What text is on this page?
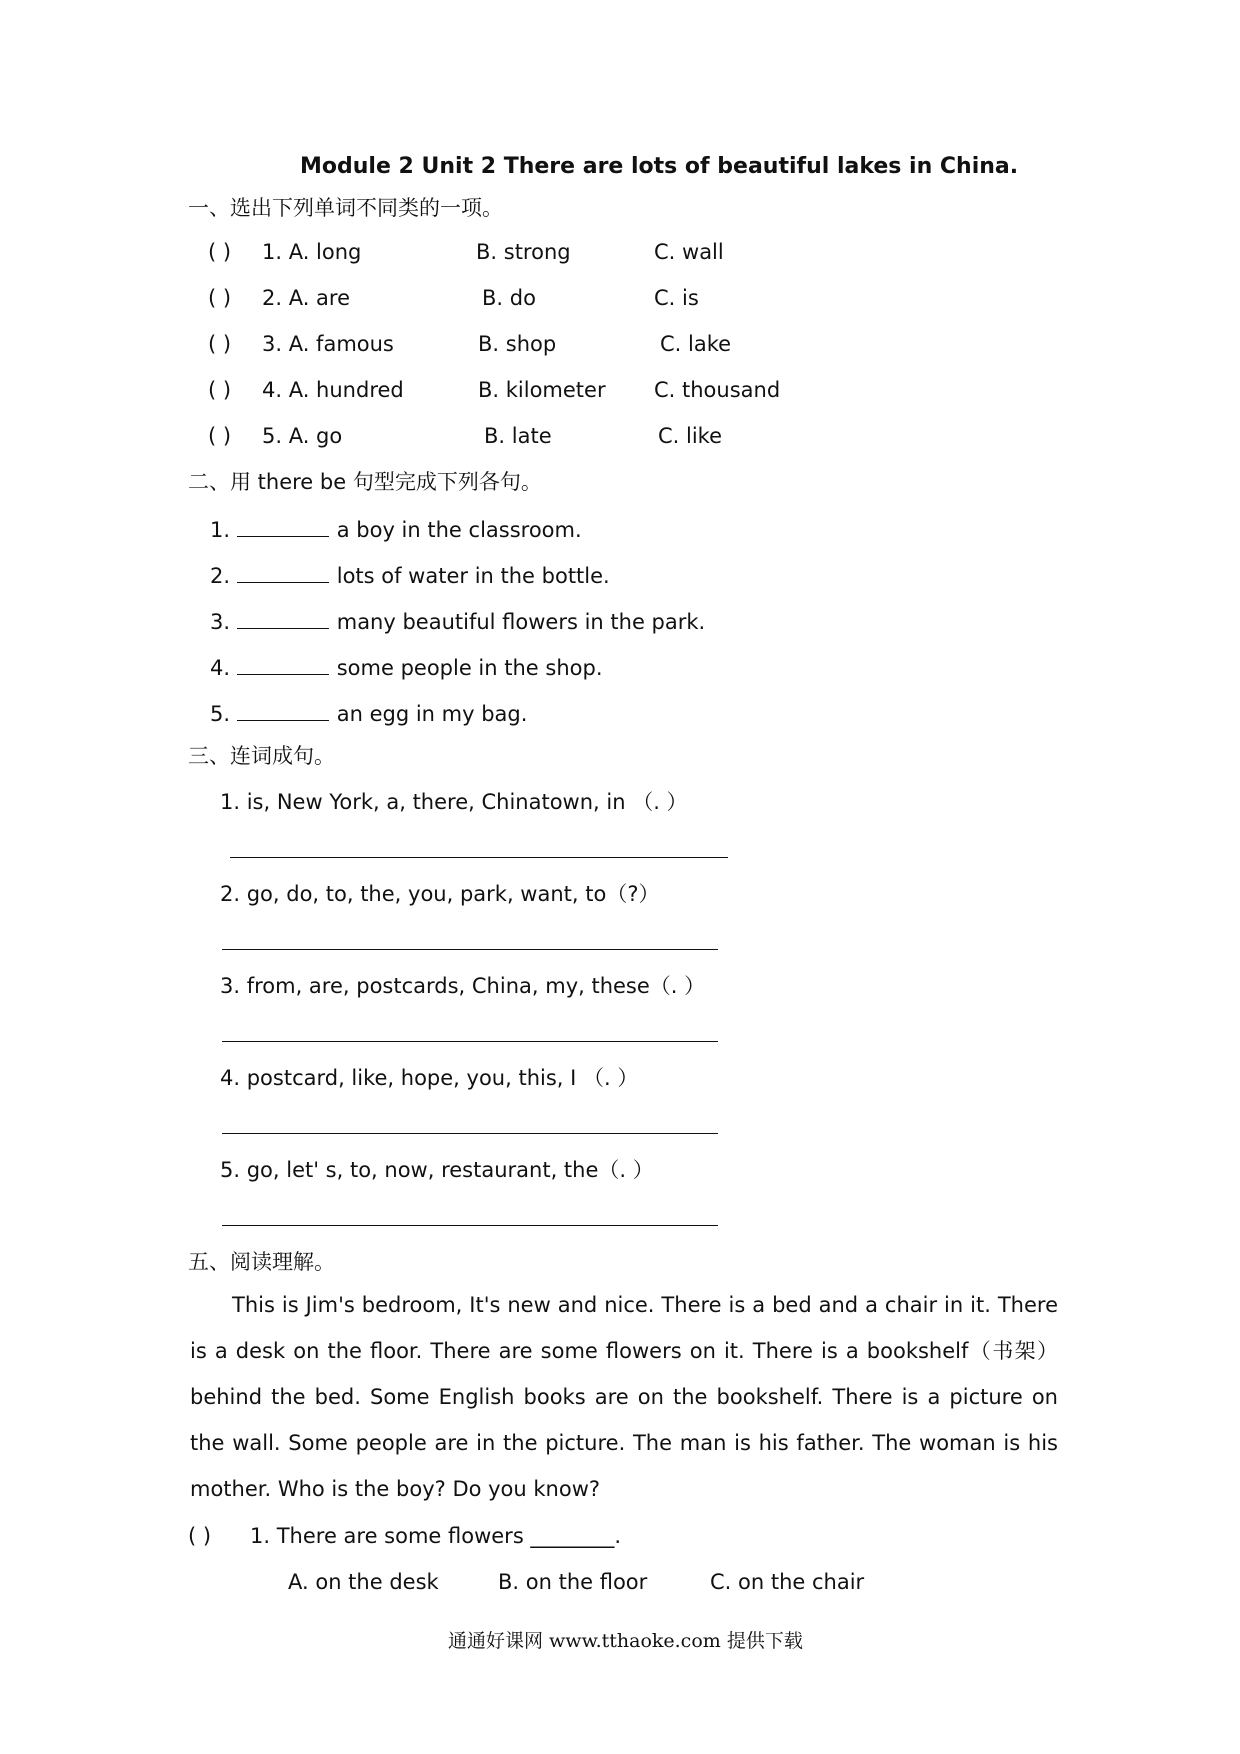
Module 2 Unit 2 There are lots of beautiful lakes in China.
一、选出下列单词不同类的一项。
( ) 1. A. long	B. strong	C. wall
( ) 2. A. are	B. do	C. is
( ) 3. A. famous	B. shop	C. lake
( ) 4. A. hundred	B. kilometer C. thousand
( ) 5. A. go	B. late	C. like
二、用 there be 句型完成下列各句。
1.	a boy in the classroom.
2.	lots of water in the bottle.
3.	many beautiful flowers in the park.
4.	some people in the shop.
5.	an egg in my bag.
三、连词成句。
1. is, New York, a, there, Chinatown, in （. ）
2. go, do, to, the, you, park, want, to（?）
3. from, are, postcards, China, my, these（. ）
4. postcard, like, hope, you, this, I （. ）
5. go, let' s, to, now, restaurant, the（. ）
五、阅读理解。
This is Jim's bedroom, It's new and nice. There is a bed and a chair in it. There is a desk on the floor. There are some flowers on it. There is a bookshelf（书架）behind the bed. Some English books are on the bookshelf. There is a picture on the wall. Some people are in the picture. The man is his father. The woman is his mother. Who is the boy? Do you know?
( ) 1. There are some flowers ________.
A. on the desk	B. on the floor	C. on the chair
通通好课网 www.tthaoke.com 提供下载
